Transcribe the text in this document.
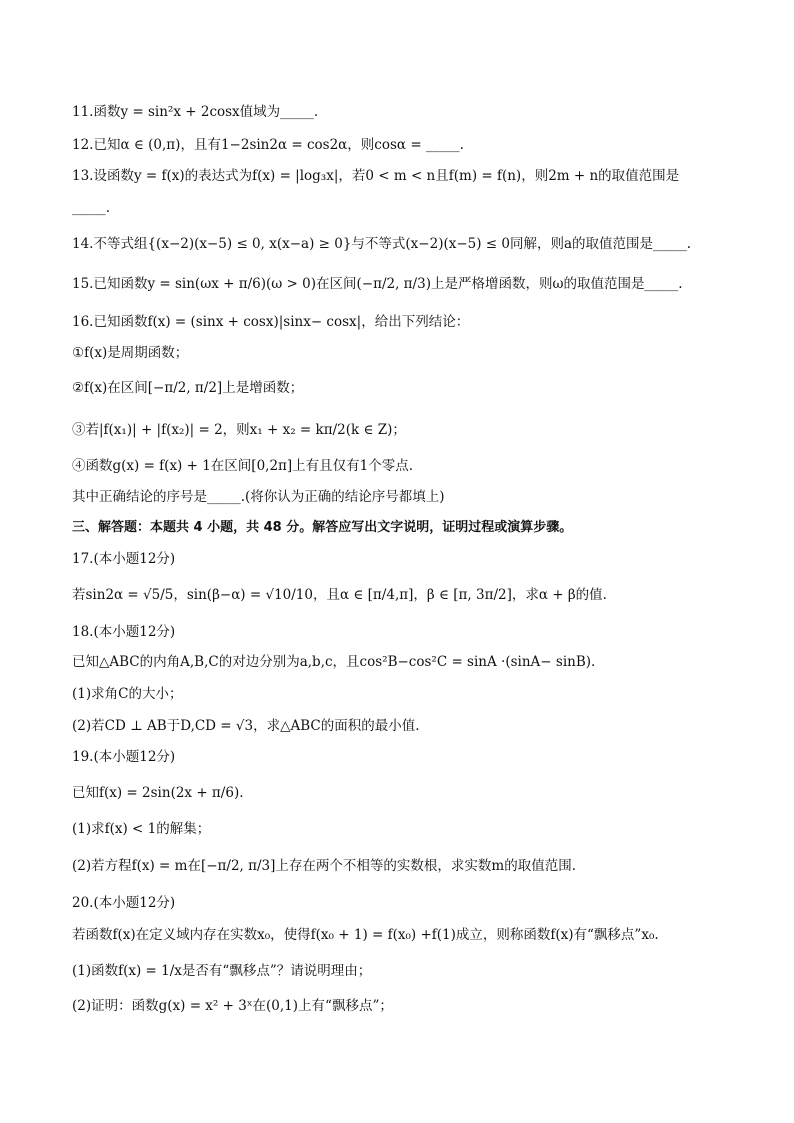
11.函数y = sin²x + 2cosx值域为_____.
12.已知α ∈ (0,π)，且有1−2sin2α = cos2α，则cosα = _____.
13.设函数y = f(x)的表达式为f(x) = |log₃x|，若0 < m < n且f(m) = f(n)，则2m + n的取值范围是
_____.
14.不等式组{(x−2)(x−5) ≤ 0, x(x−a) ≥ 0}与不等式(x−2)(x−5) ≤ 0同解，则a的取值范围是_____.
15.已知函数y = sin(ωx + π/6)(ω > 0)在区间(−π/2, π/3)上是严格增函数，则ω的取值范围是_____.
16.已知函数f(x) = (sinx + cosx)|sinx− cosx|，给出下列结论：
①f(x)是周期函数；
②f(x)在区间[−π/2, π/2]上是增函数；
③若|f(x₁)| + |f(x₂)| = 2，则x₁ + x₂ = kπ/2(k ∈ Z)；
④函数g(x) = f(x) + 1在区间[0,2π]上有且仅有1个零点.
其中正确结论的序号是_____.(将你认为正确的结论序号都填上)
三、解答题：本题共 4 小题，共 48 分。解答应写出文字说明，证明过程或演算步骤。
17.(本小题12分)
若sin2α = √5/5，sin(β−α) = √10/10，且α ∈ [π/4,π]，β ∈ [π, 3π/2]，求α + β的值.
18.(本小题12分)
已知△ABC的内角A,B,C的对边分别为a,b,c，且cos²B−cos²C = sinA ·(sinA− sinB).
(1)求角C的大小；
(2)若CD ⊥ AB于D,CD = √3，求△ABC的面积的最小值.
19.(本小题12分)
已知f(x) = 2sin(2x + π/6).
(1)求f(x) < 1的解集；
(2)若方程f(x) = m在[−π/2, π/3]上存在两个不相等的实数根，求实数m的取值范围.
20.(本小题12分)
若函数f(x)在定义域内存在实数x₀，使得f(x₀ + 1) = f(x₀) +f(1)成立，则称函数f(x)有“飘移点”x₀.
(1)函数f(x) = 1/x是否有“飘移点”？请说明理由；
(2)证明：函数g(x) = x² + 3ˣ在(0,1)上有“飘移点”；
